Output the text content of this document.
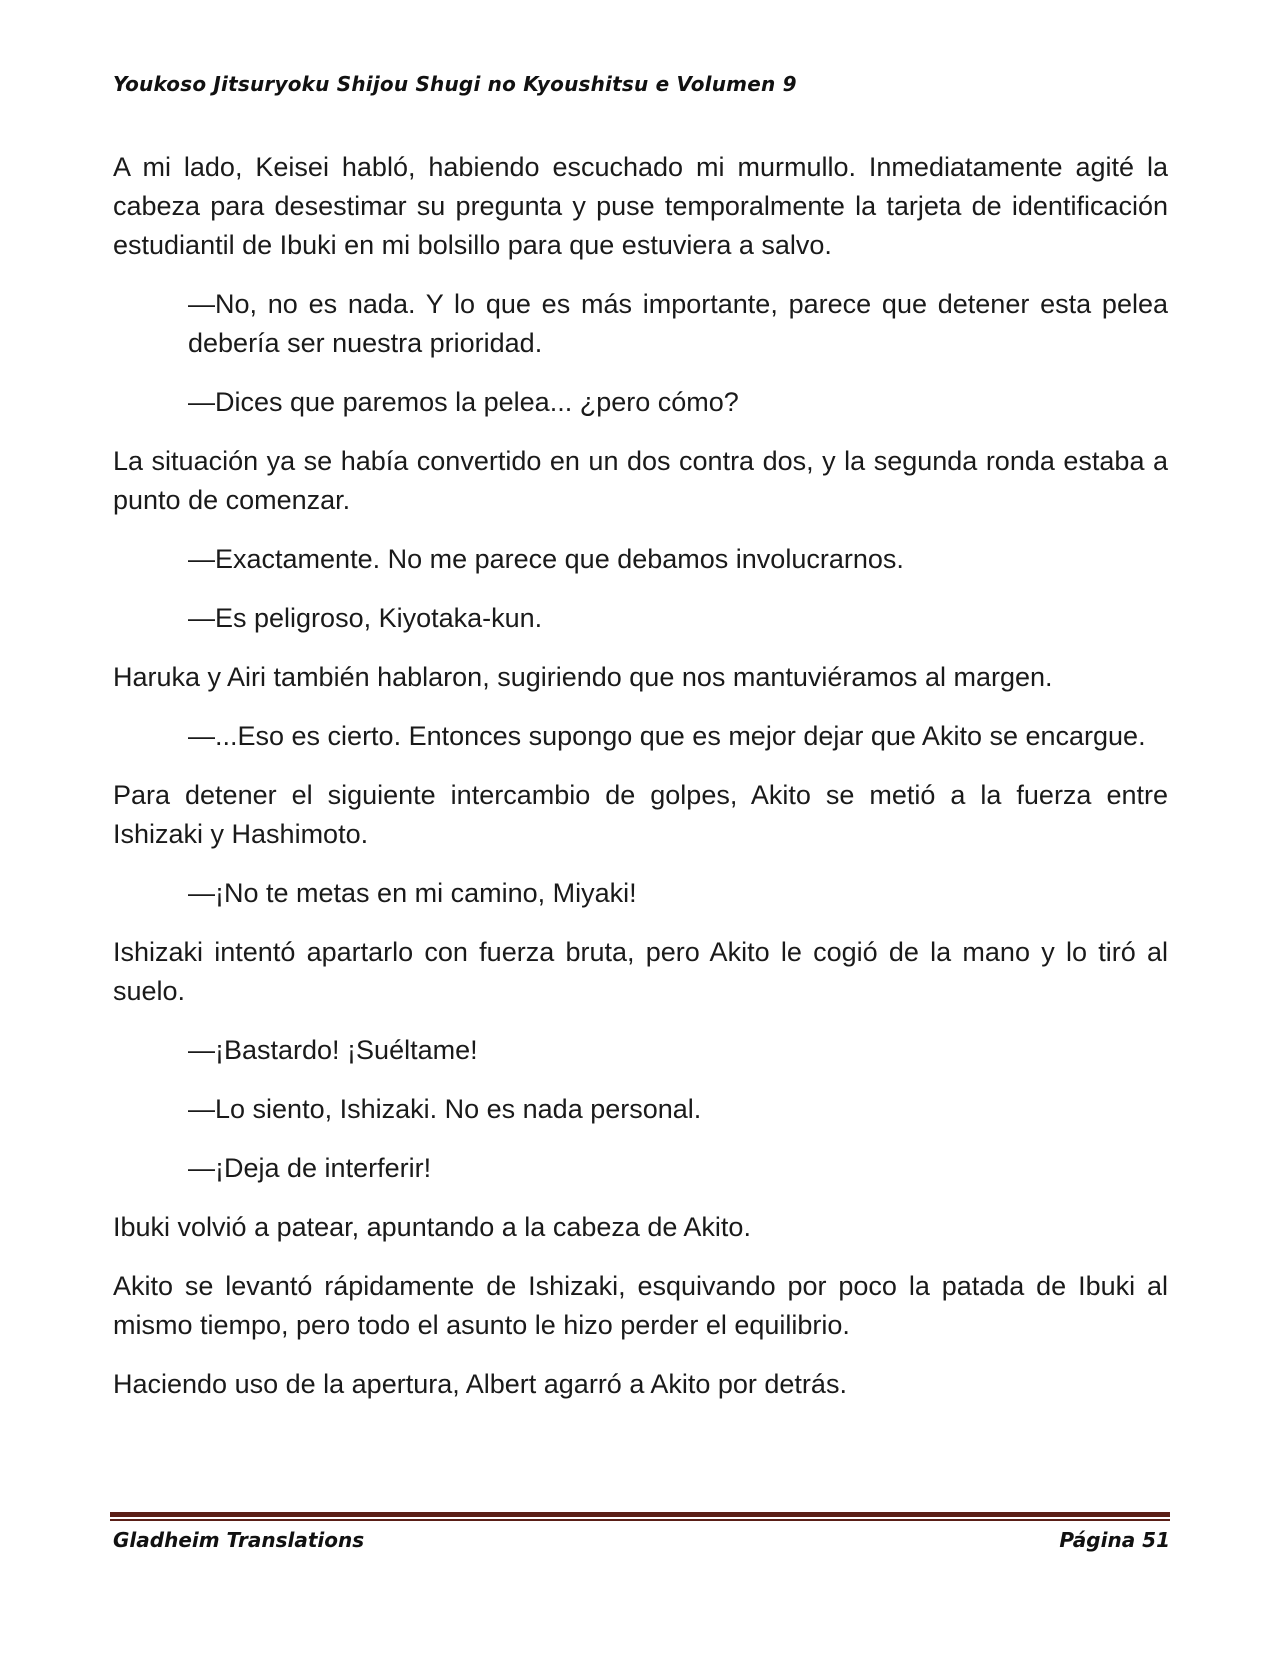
Youkoso Jitsuryoku Shijou Shugi no Kyoushitsu e Volumen 9

A mi lado, Keisei habló, habiendo escuchado mi murmullo. Inmediatamente agité la cabeza para desestimar su pregunta y puse temporalmente la tarjeta de identificación estudiantil de Ibuki en mi bolsillo para que estuviera a salvo.

—No, no es nada. Y lo que es más importante, parece que detener esta pelea debería ser nuestra prioridad.

—Dices que paremos la pelea... ¿pero cómo?

La situación ya se había convertido en un dos contra dos, y la segunda ronda estaba a punto de comenzar.

—Exactamente. No me parece que debamos involucrarnos.

—Es peligroso, Kiyotaka-kun.

Haruka y Airi también hablaron, sugiriendo que nos mantuviéramos al margen.

—...Eso es cierto. Entonces supongo que es mejor dejar que Akito se encargue.

Para detener el siguiente intercambio de golpes, Akito se metió a la fuerza entre Ishizaki y Hashimoto.

—¡No te metas en mi camino, Miyaki!

Ishizaki intentó apartarlo con fuerza bruta, pero Akito le cogió de la mano y lo tiró al suelo.

—¡Bastardo! ¡Suéltame!

—Lo siento, Ishizaki. No es nada personal.

—¡Deja de interferir!

Ibuki volvió a patear, apuntando a la cabeza de Akito.

Akito se levantó rápidamente de Ishizaki, esquivando por poco la patada de Ibuki al mismo tiempo, pero todo el asunto le hizo perder el equilibrio.

Haciendo uso de la apertura, Albert agarró a Akito por detrás.

Gladheim Translations	Página 51
